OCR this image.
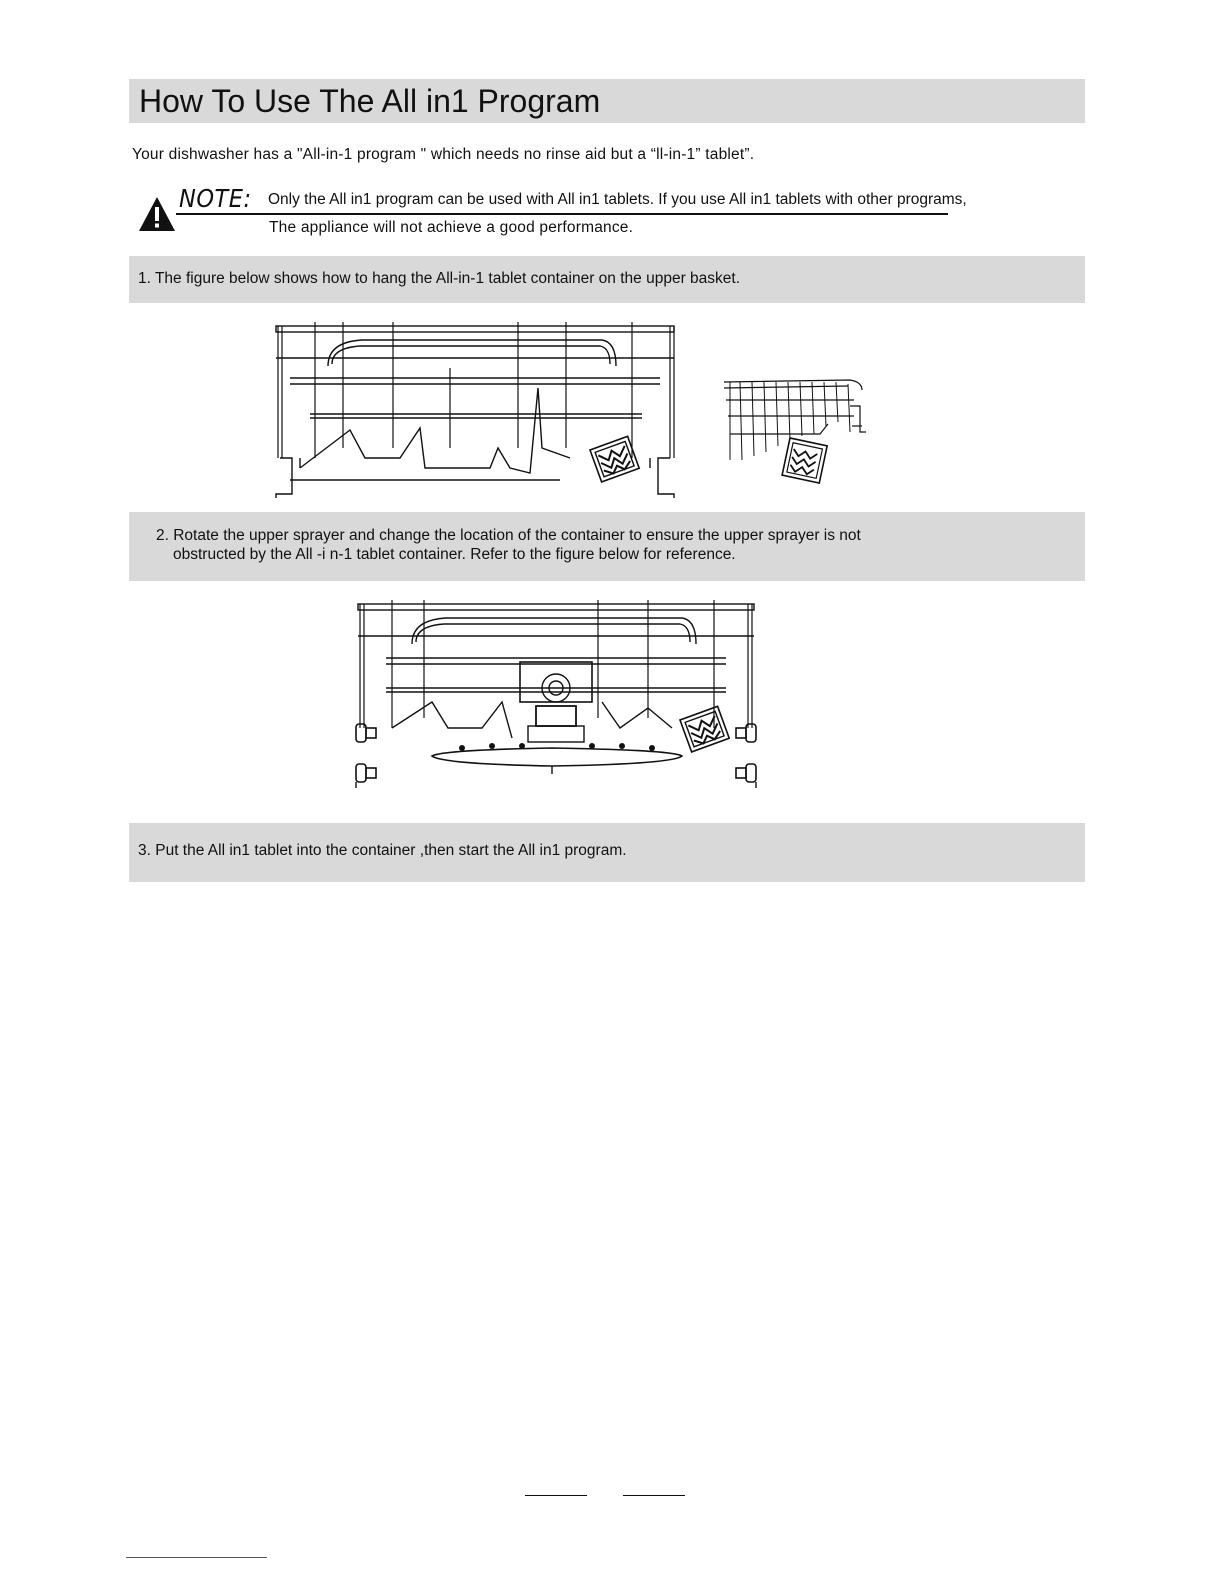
How To Use The All in1 Program
Your dishwasher has a "All-in-1 program " which needs no rinse aid but a “ll-in-1” tablet”.
NOTE: Only the All in1 program can be used with All in1 tablets. If you use All in1 tablets with other programs,
The appliance will not achieve a good performance.
1. The figure below shows how to hang the All-in-1 tablet container on the upper basket.
2. Rotate the upper sprayer and change the location of the container to ensure the upper sprayer is not
obstructed by the All -i n-1 tablet container. Refer to the figure below for reference.
3. Put the All in1 tablet into the container ,then start the All in1 program.
